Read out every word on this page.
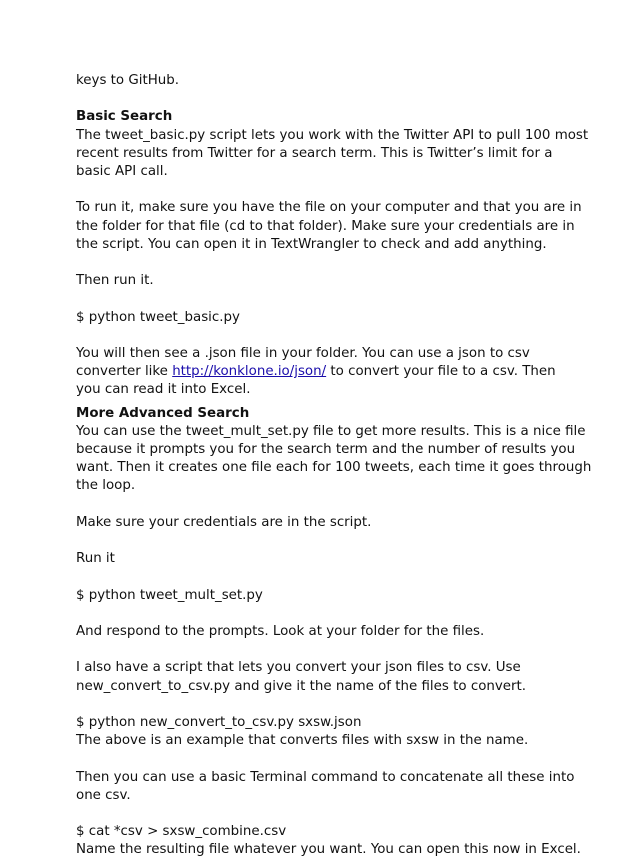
keys to GitHub.

Basic Search
The tweet_basic.py script lets you work with the Twitter API to pull 100 most
recent results from Twitter for a search term. This is Twitter’s limit for a
basic API call.

To run it, make sure you have the file on your computer and that you are in
the folder for that file (cd to that folder). Make sure your credentials are in
the script. You can open it in TextWrangler to check and add anything.

Then run it.

$ python tweet_basic.py

You will then see a .json file in your folder. You can use a json to csv
converter like http://konklone.io/json/ to convert your file to a csv. Then
you can read it into Excel.

More Advanced Search
You can use the tweet_mult_set.py file to get more results. This is a nice file
because it prompts you for the search term and the number of results you
want. Then it creates one file each for 100 tweets, each time it goes through
the loop.

Make sure your credentials are in the script.

Run it

$ python tweet_mult_set.py

And respond to the prompts. Look at your folder for the files.

I also have a script that lets you convert your json files to csv. Use
new_convert_to_csv.py and give it the name of the files to convert.

$ python new_convert_to_csv.py sxsw.json
The above is an example that converts files with sxsw in the name.

Then you can use a basic Terminal command to concatenate all these into
one csv.

$ cat *csv > sxsw_combine.csv
Name the resulting file whatever you want. You can open this now in Excel.
